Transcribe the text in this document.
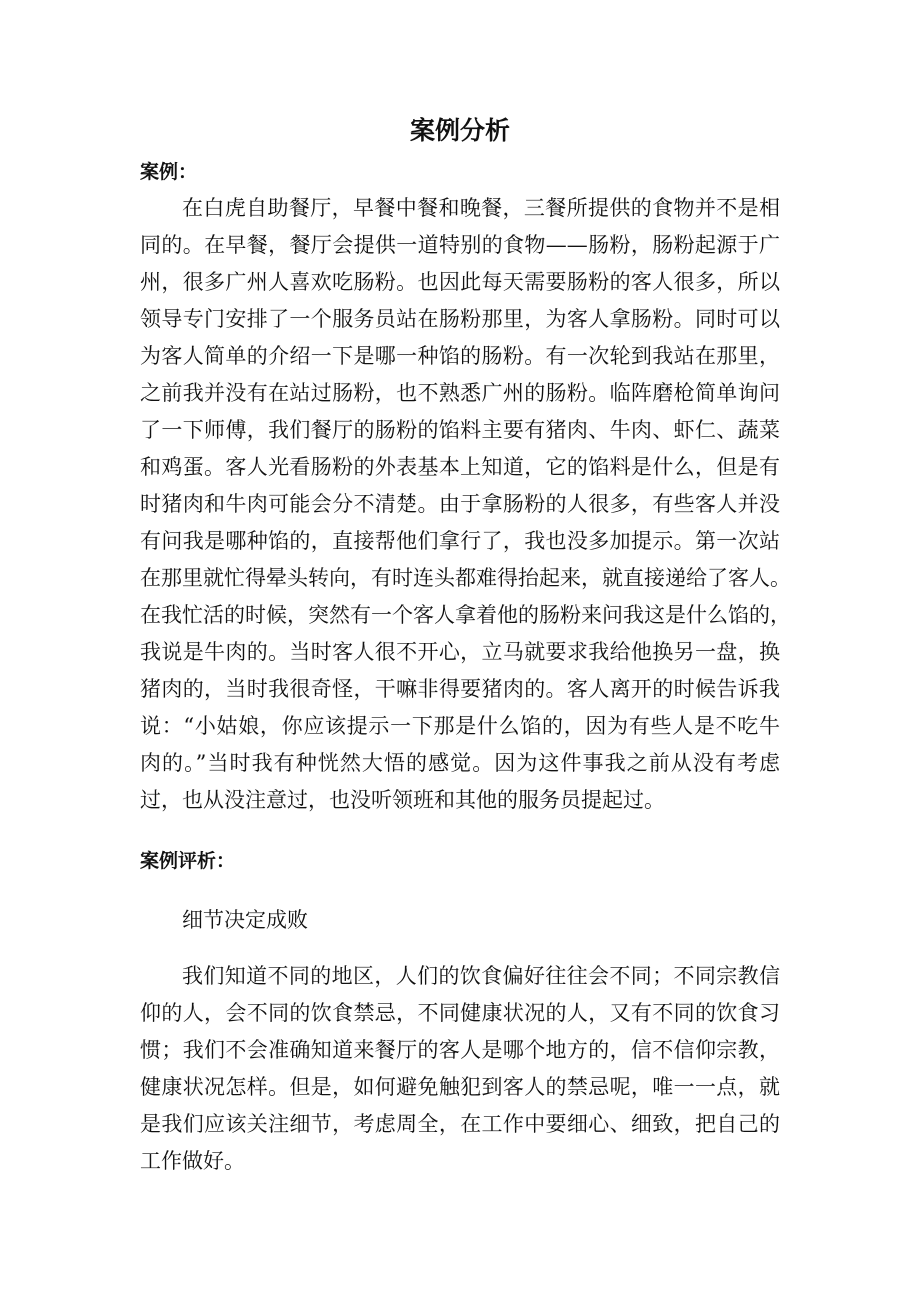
案例分析
案例：
在白虎自助餐厅，早餐中餐和晚餐，三餐所提供的食物并不是相
同的。在早餐，餐厅会提供一道特别的食物——肠粉，肠粉起源于广
州，很多广州人喜欢吃肠粉。也因此每天需要肠粉的客人很多，所以
领导专门安排了一个服务员站在肠粉那里，为客人拿肠粉。同时可以
为客人简单的介绍一下是哪一种馅的肠粉。有一次轮到我站在那里，
之前我并没有在站过肠粉，也不熟悉广州的肠粉。临阵磨枪简单询问
了一下师傅，我们餐厅的肠粉的馅料主要有猪肉、牛肉、虾仁、蔬菜
和鸡蛋。客人光看肠粉的外表基本上知道，它的馅料是什么，但是有
时猪肉和牛肉可能会分不清楚。由于拿肠粉的人很多，有些客人并没
有问我是哪种馅的，直接帮他们拿行了，我也没多加提示。第一次站
在那里就忙得晕头转向，有时连头都难得抬起来，就直接递给了客人。
在我忙活的时候，突然有一个客人拿着他的肠粉来问我这是什么馅的，
我说是牛肉的。当时客人很不开心，立马就要求我给他换另一盘，换
猪肉的，当时我很奇怪，干嘛非得要猪肉的。客人离开的时候告诉我
说：“小姑娘，你应该提示一下那是什么馅的，因为有些人是不吃牛
肉的。”当时我有种恍然大悟的感觉。因为这件事我之前从没有考虑
过，也从没注意过，也没听领班和其他的服务员提起过。
案例评析：
细节决定成败
我们知道不同的地区，人们的饮食偏好往往会不同；不同宗教信
仰的人，会不同的饮食禁忌，不同健康状况的人，又有不同的饮食习
惯；我们不会准确知道来餐厅的客人是哪个地方的，信不信仰宗教，
健康状况怎样。但是，如何避免触犯到客人的禁忌呢，唯一一点，就
是我们应该关注细节，考虑周全，在工作中要细心、细致，把自己的
工作做好。
